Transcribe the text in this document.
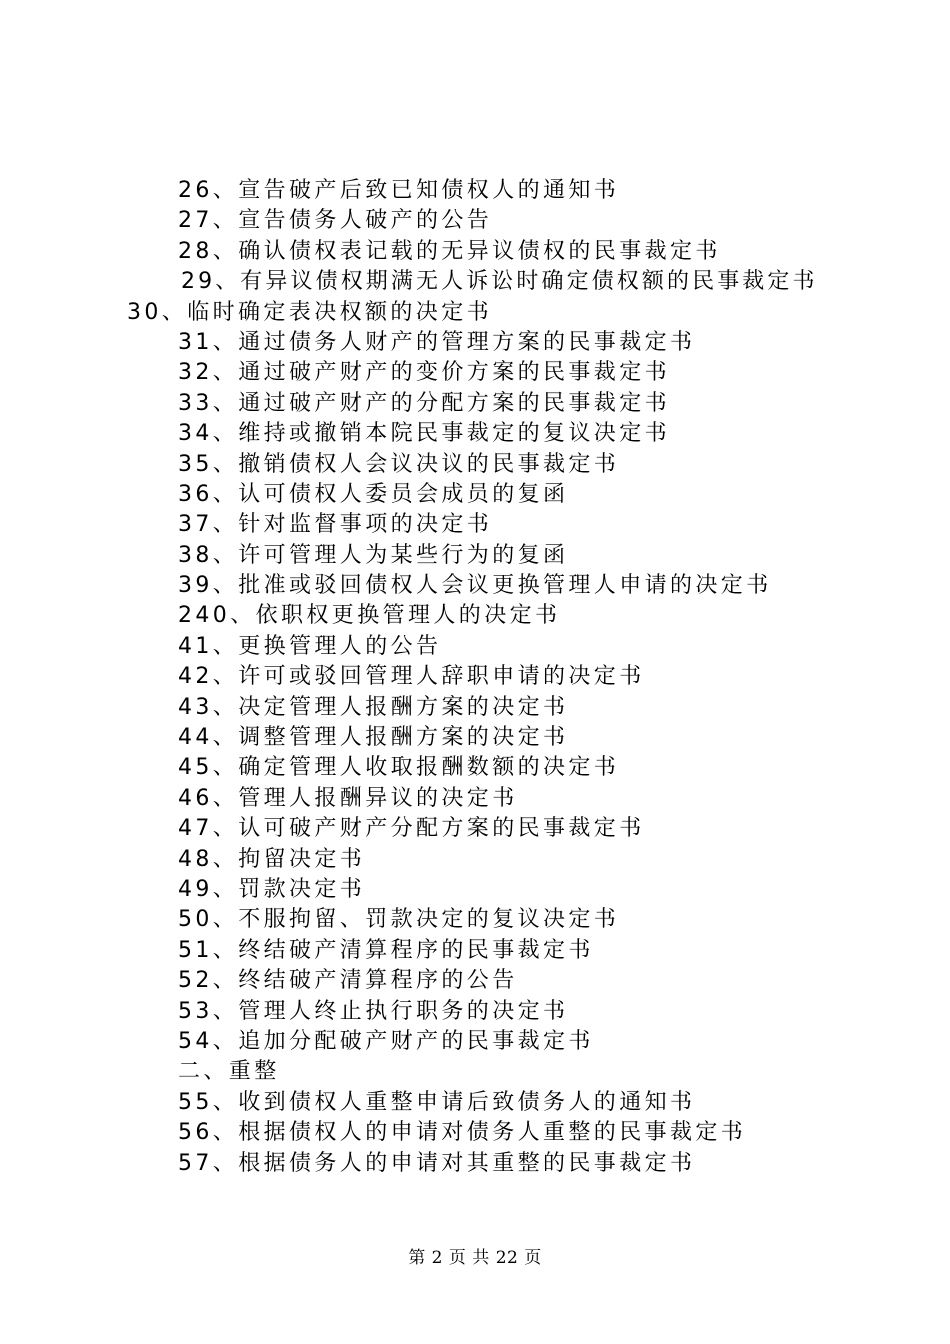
26、宣告破产后致已知债权人的通知书
27、宣告债务人破产的公告
28、确认债权表记载的无异议债权的民事裁定书
29、有异议债权期满无人诉讼时确定债权额的民事裁定书
30、临时确定表决权额的决定书
31、通过债务人财产的管理方案的民事裁定书
32、通过破产财产的变价方案的民事裁定书
33、通过破产财产的分配方案的民事裁定书
34、维持或撤销本院民事裁定的复议决定书
35、撤销债权人会议决议的民事裁定书
36、认可债权人委员会成员的复函
37、针对监督事项的决定书
38、许可管理人为某些行为的复函
39、批准或驳回债权人会议更换管理人申请的决定书
240、依职权更换管理人的决定书
41、更换管理人的公告
42、许可或驳回管理人辞职申请的决定书
43、决定管理人报酬方案的决定书
44、调整管理人报酬方案的决定书
45、确定管理人收取报酬数额的决定书
46、管理人报酬异议的决定书
47、认可破产财产分配方案的民事裁定书
48、拘留决定书
49、罚款决定书
50、不服拘留、罚款决定的复议决定书
51、终结破产清算程序的民事裁定书
52、终结破产清算程序的公告
53、管理人终止执行职务的决定书
54、追加分配破产财产的民事裁定书
二、重整
55、收到债权人重整申请后致债务人的通知书
56、根据债权人的申请对债务人重整的民事裁定书
57、根据债务人的申请对其重整的民事裁定书
第 2 页 共 22 页
